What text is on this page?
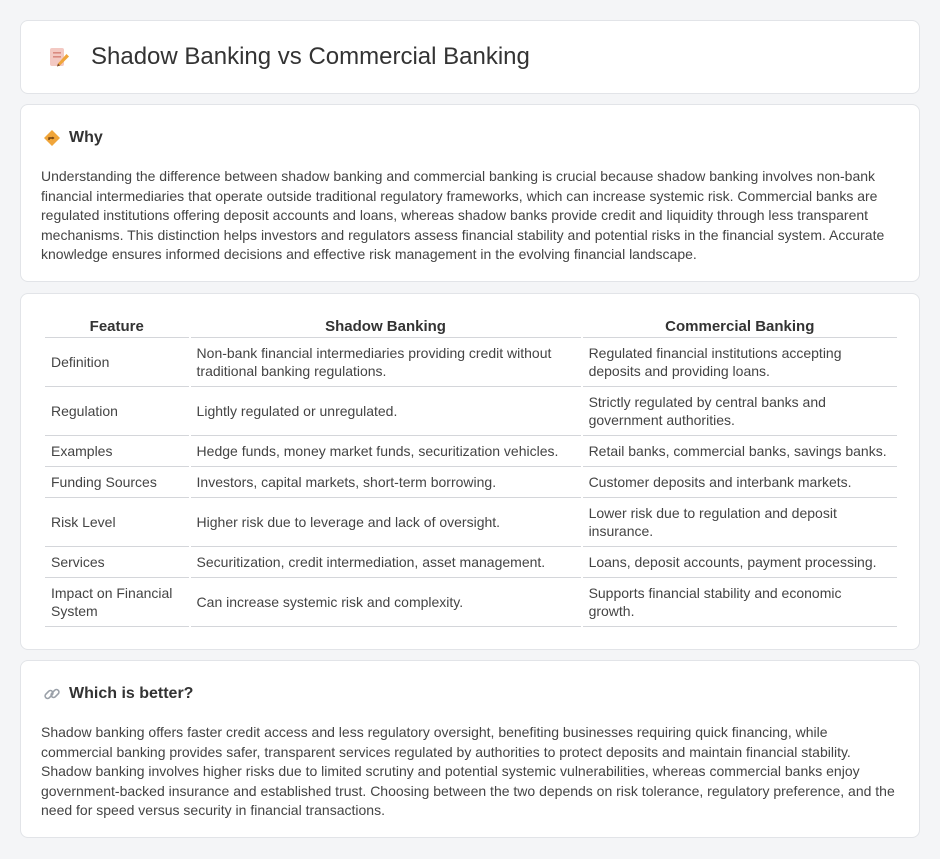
Shadow Banking vs Commercial Banking
Why

Understanding the difference between shadow banking and commercial banking is crucial because shadow banking involves non-bank financial intermediaries that operate outside traditional regulatory frameworks, which can increase systemic risk. Commercial banks are regulated institutions offering deposit accounts and loans, whereas shadow banks provide credit and liquidity through less transparent mechanisms. This distinction helps investors and regulators assess financial stability and potential risks in the financial system. Accurate knowledge ensures informed decisions and effective risk management in the evolving financial landscape.

Feature	Shadow Banking	Commercial Banking
Definition	Non-bank financial intermediaries providing credit without traditional banking regulations.	Regulated financial institutions accepting deposits and providing loans.
Regulation	Lightly regulated or unregulated.	Strictly regulated by central banks and government authorities.
Examples	Hedge funds, money market funds, securitization vehicles.	Retail banks, commercial banks, savings banks.
Funding Sources	Investors, capital markets, short-term borrowing.	Customer deposits and interbank markets.
Risk Level	Higher risk due to leverage and lack of oversight.	Lower risk due to regulation and deposit insurance.
Services	Securitization, credit intermediation, asset management.	Loans, deposit accounts, payment processing.
Impact on Financial System	Can increase systemic risk and complexity.	Supports financial stability and economic growth.
Which is better?

Shadow banking offers faster credit access and less regulatory oversight, benefiting businesses requiring quick financing, while commercial banking provides safer, transparent services regulated by authorities to protect deposits and maintain financial stability. Shadow banking involves higher risks due to limited scrutiny and potential systemic vulnerabilities, whereas commercial banks enjoy government-backed insurance and established trust. Choosing between the two depends on risk tolerance, regulatory preference, and the need for speed versus security in financial transactions.
